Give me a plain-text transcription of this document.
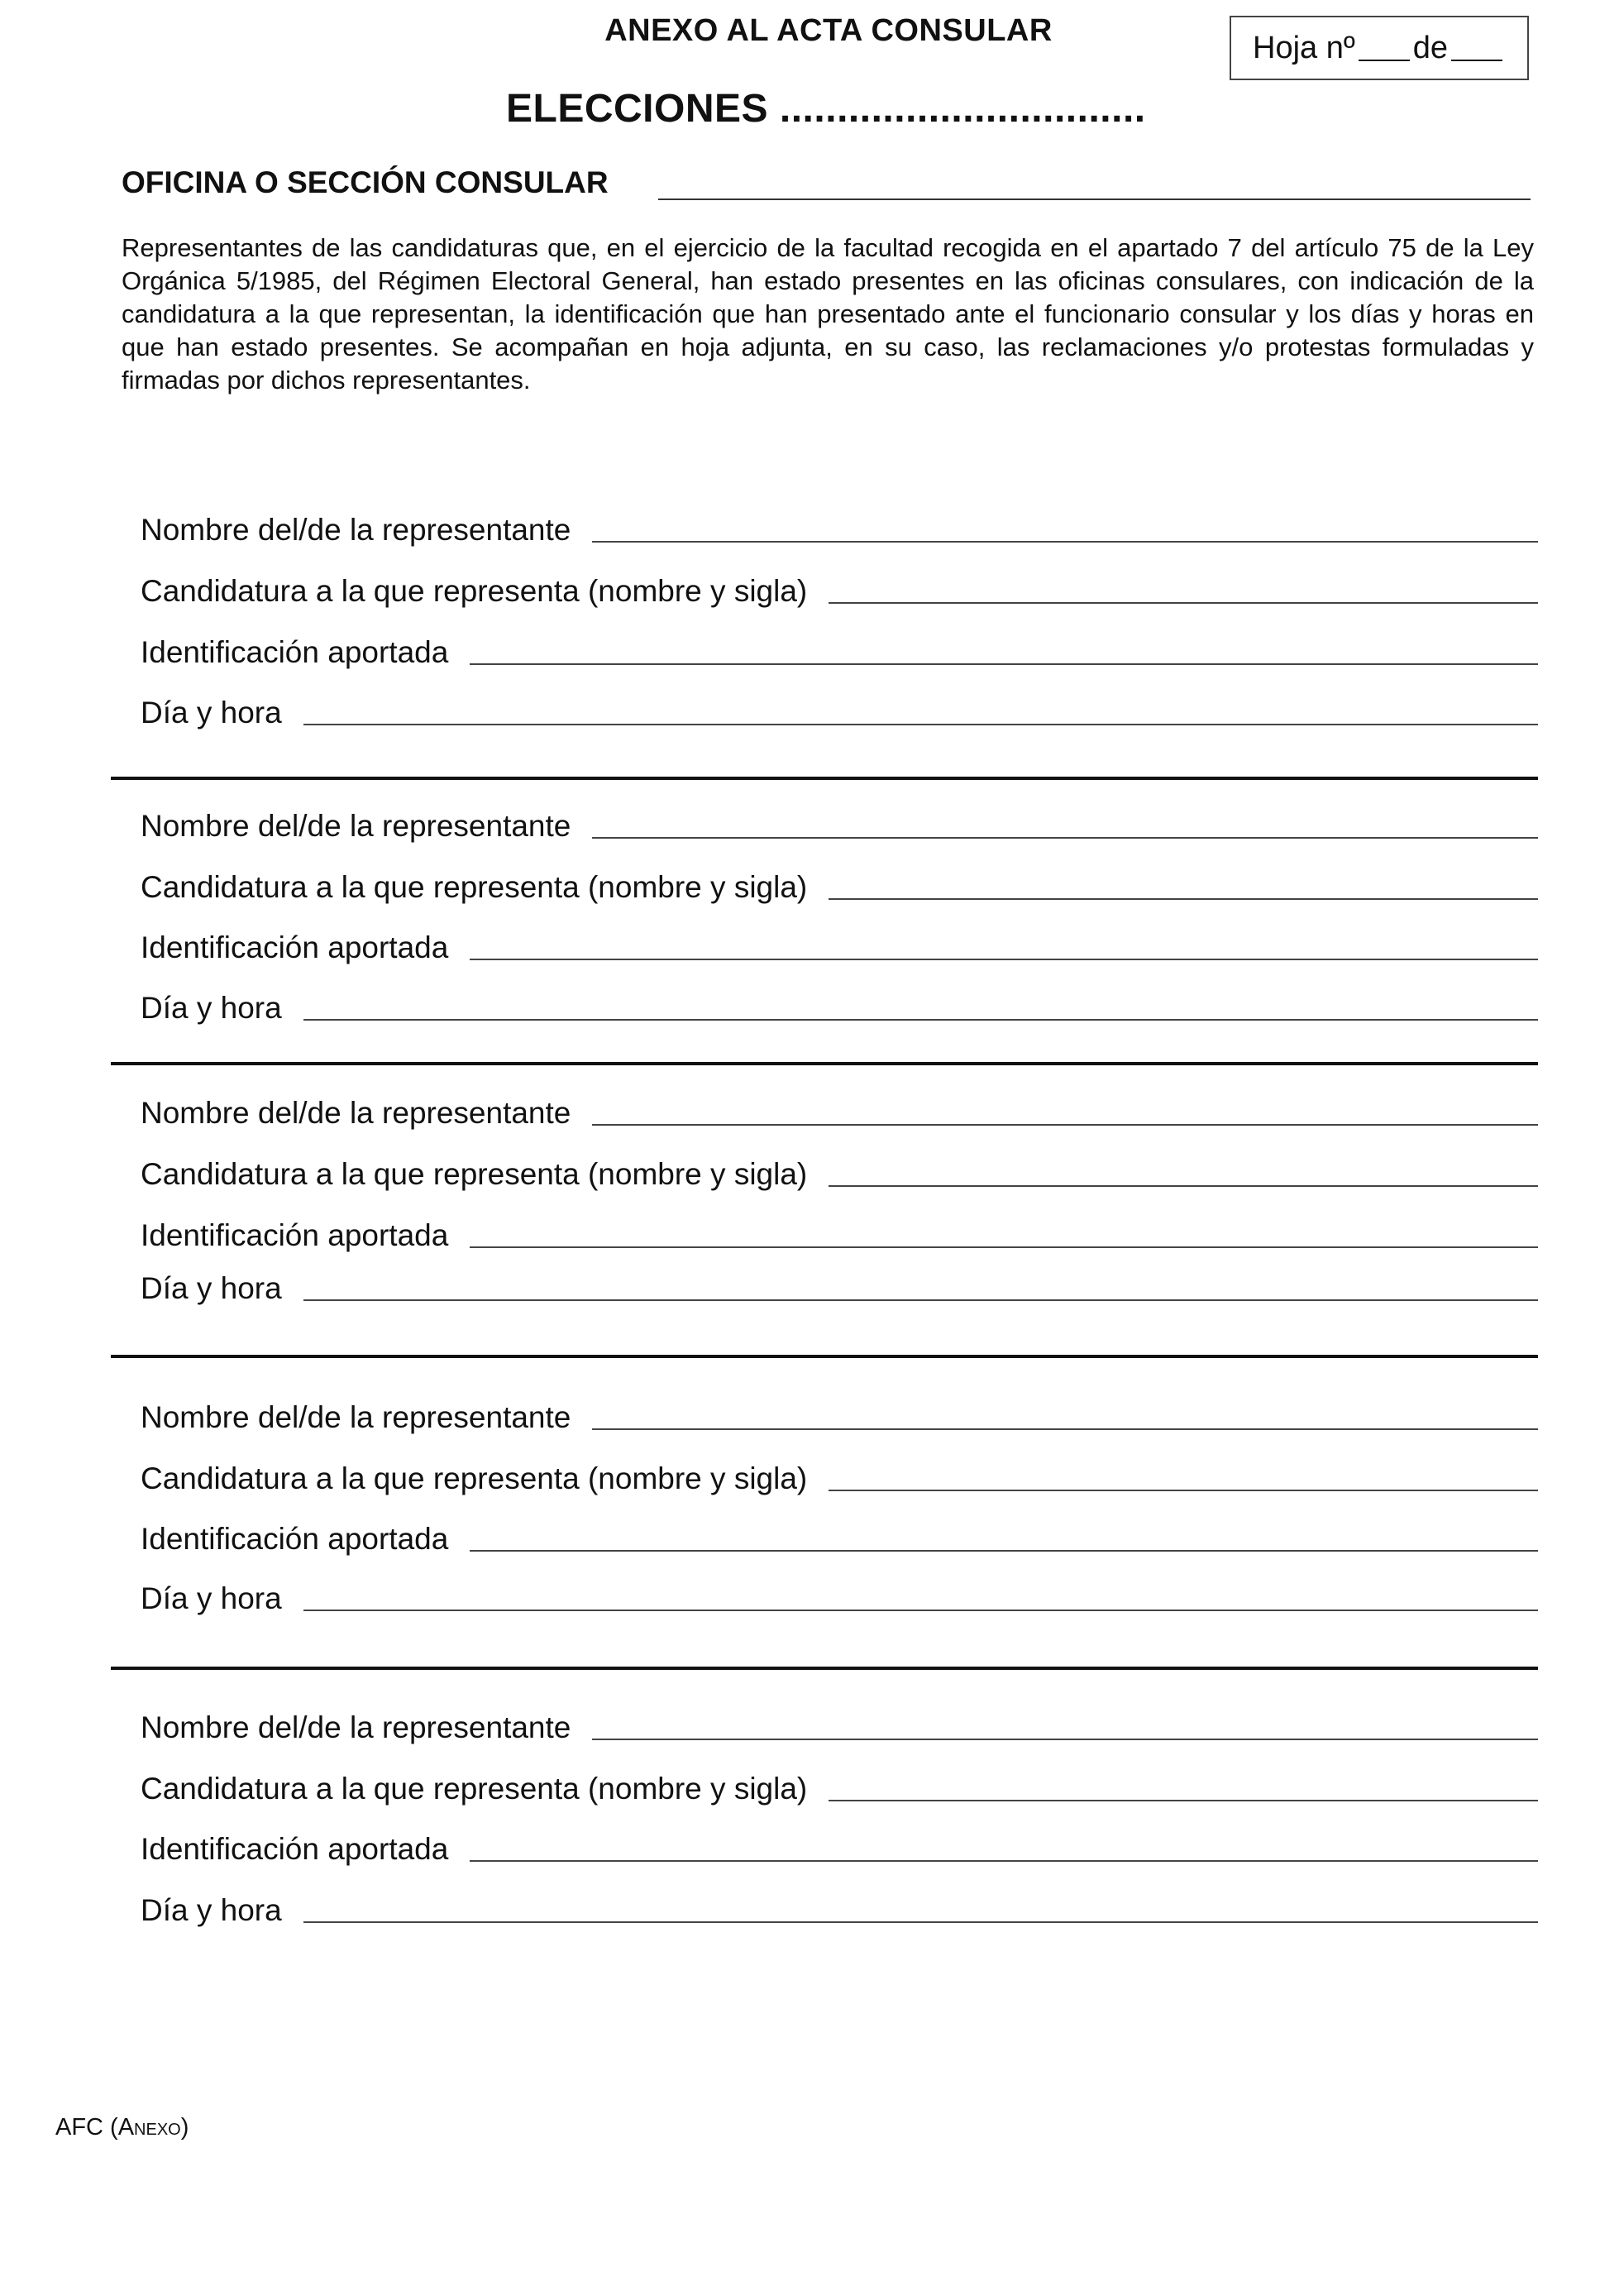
ANEXO AL ACTA CONSULAR	Hoja nº de
ELECCIONES ................................
OFICINA O SECCIÓN CONSULAR
Representantes de las candidaturas que, en el ejercicio de la facultad recogida en el apartado 7 del artículo 75 de la Ley Orgánica 5/1985, del Régimen Electoral General, han estado presentes en las oficinas consulares, con indicación de la candidatura a la que representan, la identificación que han presentado ante el funcionario consular y los días y horas en que han estado presentes. Se acompañan en hoja adjunta, en su caso, las reclamaciones y/o protestas formuladas y firmadas por dichos representantes.
Nombre del/de la representante
Candidatura a la que representa (nombre y sigla)
Identificación aportada
Día y hora
Nombre del/de la representante
Candidatura a la que representa (nombre y sigla)
Identificación aportada
Día y hora
Nombre del/de la representante
Candidatura a la que representa (nombre y sigla)
Identificación aportada
Día y hora
Nombre del/de la representante
Candidatura a la que representa (nombre y sigla)
Identificación aportada
Día y hora
Nombre del/de la representante
Candidatura a la que representa (nombre y sigla)
Identificación aportada
Día y hora
AFC (Anexo)
